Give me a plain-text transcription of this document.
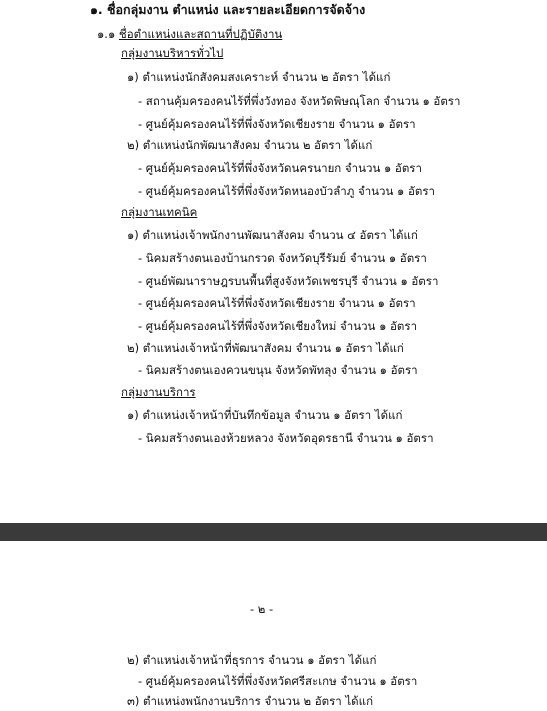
๑. ชื่อกลุ่มงาน ตำแหน่ง และรายละเอียดการจัดจ้าง
๑.๑ ชื่อตำแหน่งและสถานที่ปฏิบัติงาน
กลุ่มงานบริหารทั่วไป
๑) ตำแหน่งนักสังคมสงเคราะห์ จำนวน ๒ อัตรา ได้แก่
- สถานคุ้มครองคนไร้ที่พึ่งวังทอง จังหวัดพิษณุโลก จำนวน ๑ อัตรา
- ศูนย์คุ้มครองคนไร้ที่พึ่งจังหวัดเชียงราย จำนวน ๑ อัตรา
๒) ตำแหน่งนักพัฒนาสังคม จำนวน ๒ อัตรา ได้แก่
- ศูนย์คุ้มครองคนไร้ที่พึ่งจังหวัดนครนายก จำนวน ๑ อัตรา
- ศูนย์คุ้มครองคนไร้ที่พึ่งจังหวัดหนองบัวลำภู จำนวน ๑ อัตรา
กลุ่มงานเทคนิค
๑) ตำแหน่งเจ้าพนักงานพัฒนาสังคม จำนวน ๔ อัตรา ได้แก่
- นิคมสร้างตนเองบ้านกรวด จังหวัดบุรีรัมย์ จำนวน ๑ อัตรา
- ศูนย์พัฒนาราษฎรบนพื้นที่สูงจังหวัดเพชรบุรี จำนวน ๑ อัตรา
- ศูนย์คุ้มครองคนไร้ที่พึ่งจังหวัดเชียงราย จำนวน ๑ อัตรา
- ศูนย์คุ้มครองคนไร้ที่พึ่งจังหวัดเชียงใหม่ จำนวน ๑ อัตรา
๒) ตำแหน่งเจ้าหน้าที่พัฒนาสังคม จำนวน ๑ อัตรา ได้แก่
- นิคมสร้างตนเองควนขนุน จังหวัดพัทลุง จำนวน ๑ อัตรา
กลุ่มงานบริการ
๑) ตำแหน่งเจ้าหน้าที่บันทึกข้อมูล จำนวน ๑ อัตรา ได้แก่
- นิคมสร้างตนเองห้วยหลวง จังหวัดอุดรธานี จำนวน ๑ อัตรา
- ๒ -
๒) ตำแหน่งเจ้าหน้าที่ธุรการ จำนวน ๑ อัตรา ได้แก่
- ศูนย์คุ้มครองคนไร้ที่พึ่งจังหวัดศรีสะเกษ จำนวน ๑ อัตรา
๓) ตำแหน่งพนักงานบริการ จำนวน ๒ อัตรา ได้แก่
